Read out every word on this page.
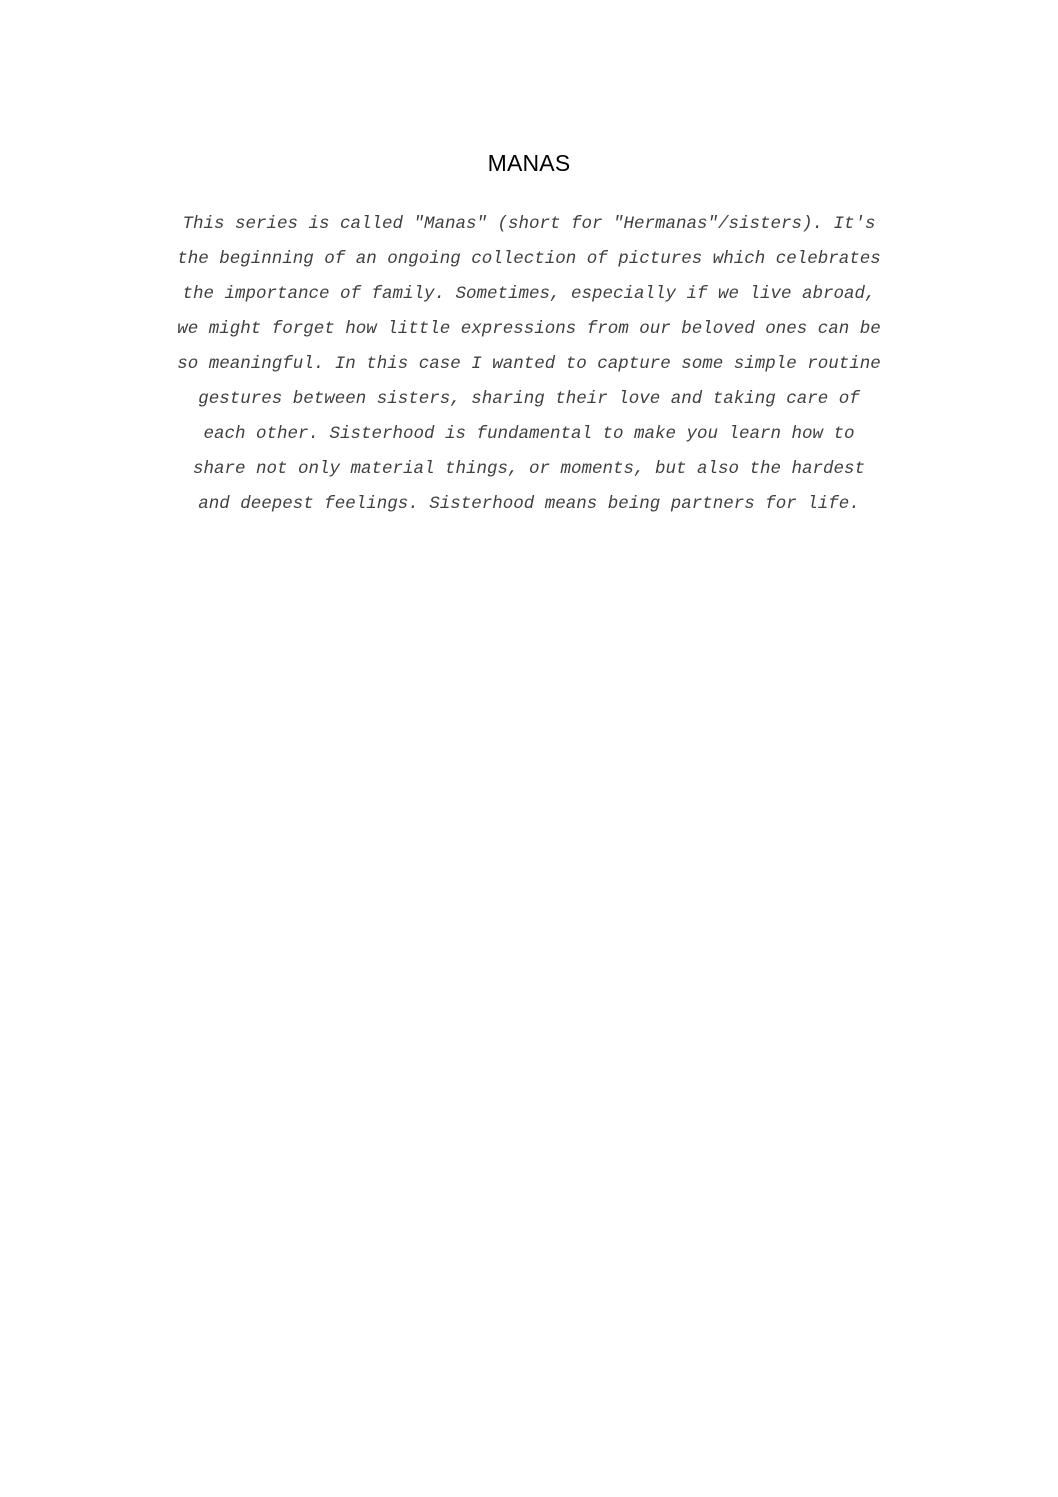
MANAS

This series is called "Manas" (short for "Hermanas"/sisters). It's
the beginning of an ongoing collection of pictures which celebrates
the importance of family. Sometimes, especially if we live abroad,
we might forget how little expressions from our beloved ones can be
so meaningful. In this case I wanted to capture some simple routine
gestures between sisters, sharing their love and taking care of
each other. Sisterhood is fundamental to make you learn how to
share not only material things, or moments, but also the hardest
and deepest feelings. Sisterhood means being partners for life.
